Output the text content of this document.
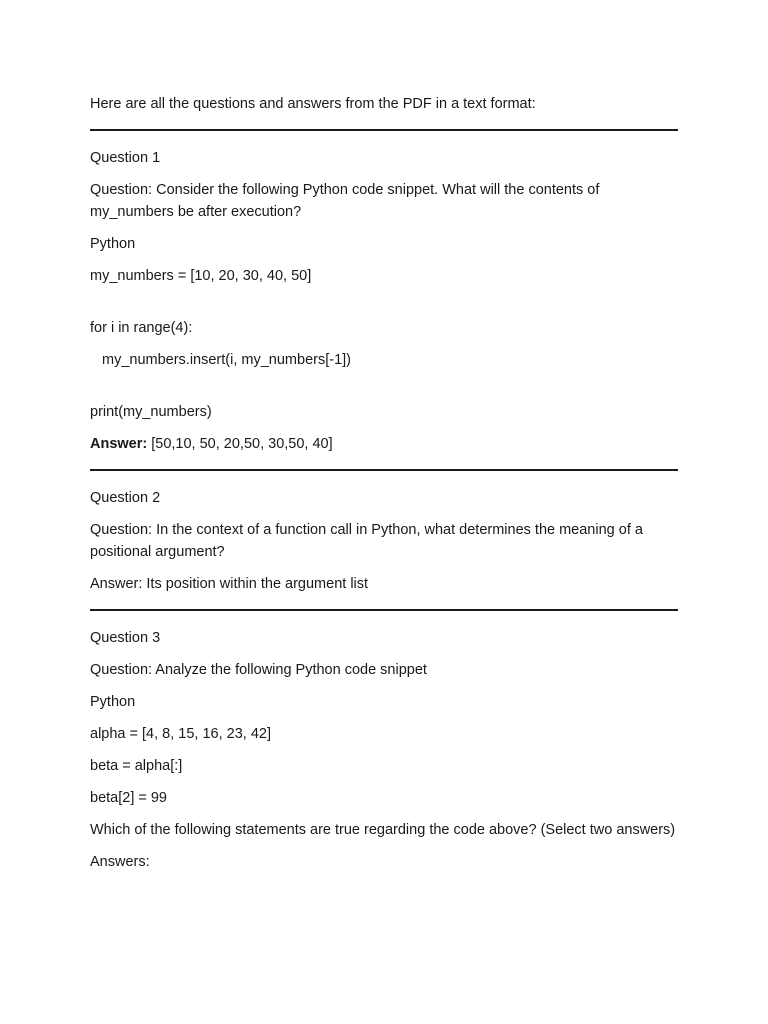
Here are all the questions and answers from the PDF in a text format:

Question 1

Question: Consider the following Python code snippet. What will the contents of my_numbers be after execution?

Python

my_numbers = [10, 20, 30, 40, 50]

for i in range(4):

my_numbers.insert(i, my_numbers[-1])

print(my_numbers)

Answer: [50,10, 50, 20,50, 30,50, 40]

Question 2

Question: In the context of a function call in Python, what determines the meaning of a positional argument?

Answer: Its position within the argument list

Question 3

Question: Analyze the following Python code snippet

Python

alpha = [4, 8, 15, 16, 23, 42]

beta = alpha[:]

beta[2] = 99

Which of the following statements are true regarding the code above? (Select two answers)

Answers:
